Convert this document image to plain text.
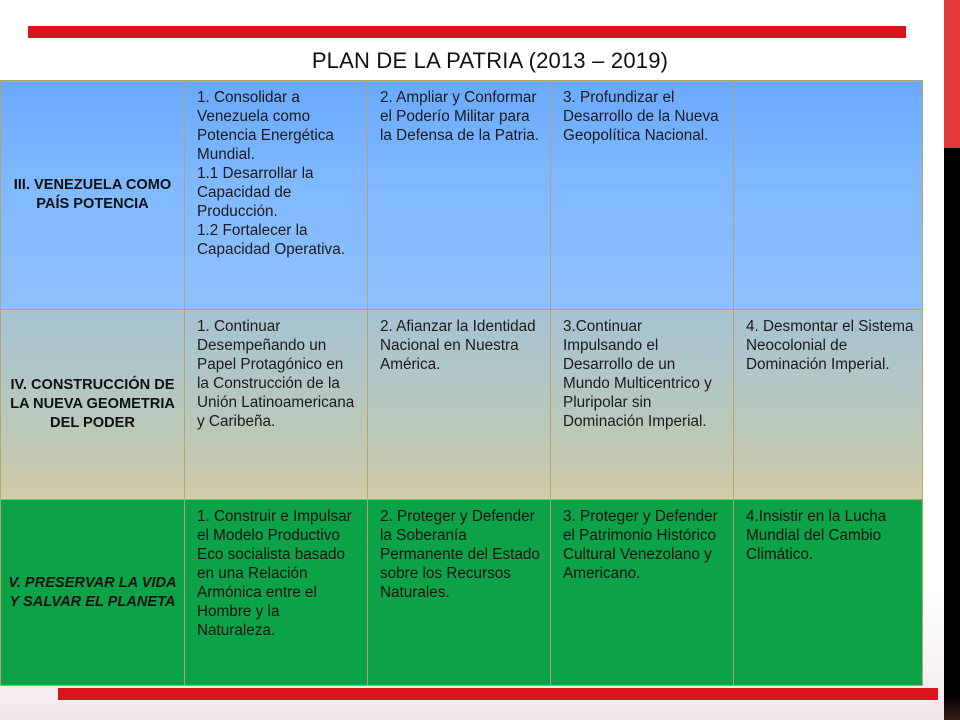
PLAN DE LA PATRIA (2013 – 2019)
III. VENEZUELA COMO PAÍS POTENCIA	1. Consolidar a Venezuela como Potencia Energética Mundial.
1.1 Desarrollar la Capacidad de Producción.
1.2 Fortalecer la Capacidad Operativa.	2. Ampliar y Conformar el Poderío Militar para la Defensa de la Patria.	3. Profundizar el Desarrollo de la Nueva Geopolítica Nacional.	

IV. CONSTRUCCIÓN DE LA NUEVA GEOMETRIA DEL PODER	1. Continuar Desempeñando un Papel Protagónico en la Construcción de la Unión Latinoamericana y Caribeña.	2. Afianzar la Identidad Nacional en Nuestra América.	3.Continuar Impulsando el Desarrollo de un Mundo Multicentrico y Pluripolar sin Dominación Imperial.	4. Desmontar el Sistema Neocolonial de Dominación Imperial.

V. PRESERVAR LA VIDA Y SALVAR EL PLANETA	1. Construir e Impulsar el Modelo Productivo Eco socialista basado en una Relación Armónica entre el Hombre y la Naturaleza.	2. Proteger y Defender la Soberanía Permanente del Estado sobre los Recursos Naturales.	3. Proteger y Defender el Patrimonio Histórico Cultural Venezolano y Americano.	4.Insistir en la Lucha Mundial del Cambio Climático.
